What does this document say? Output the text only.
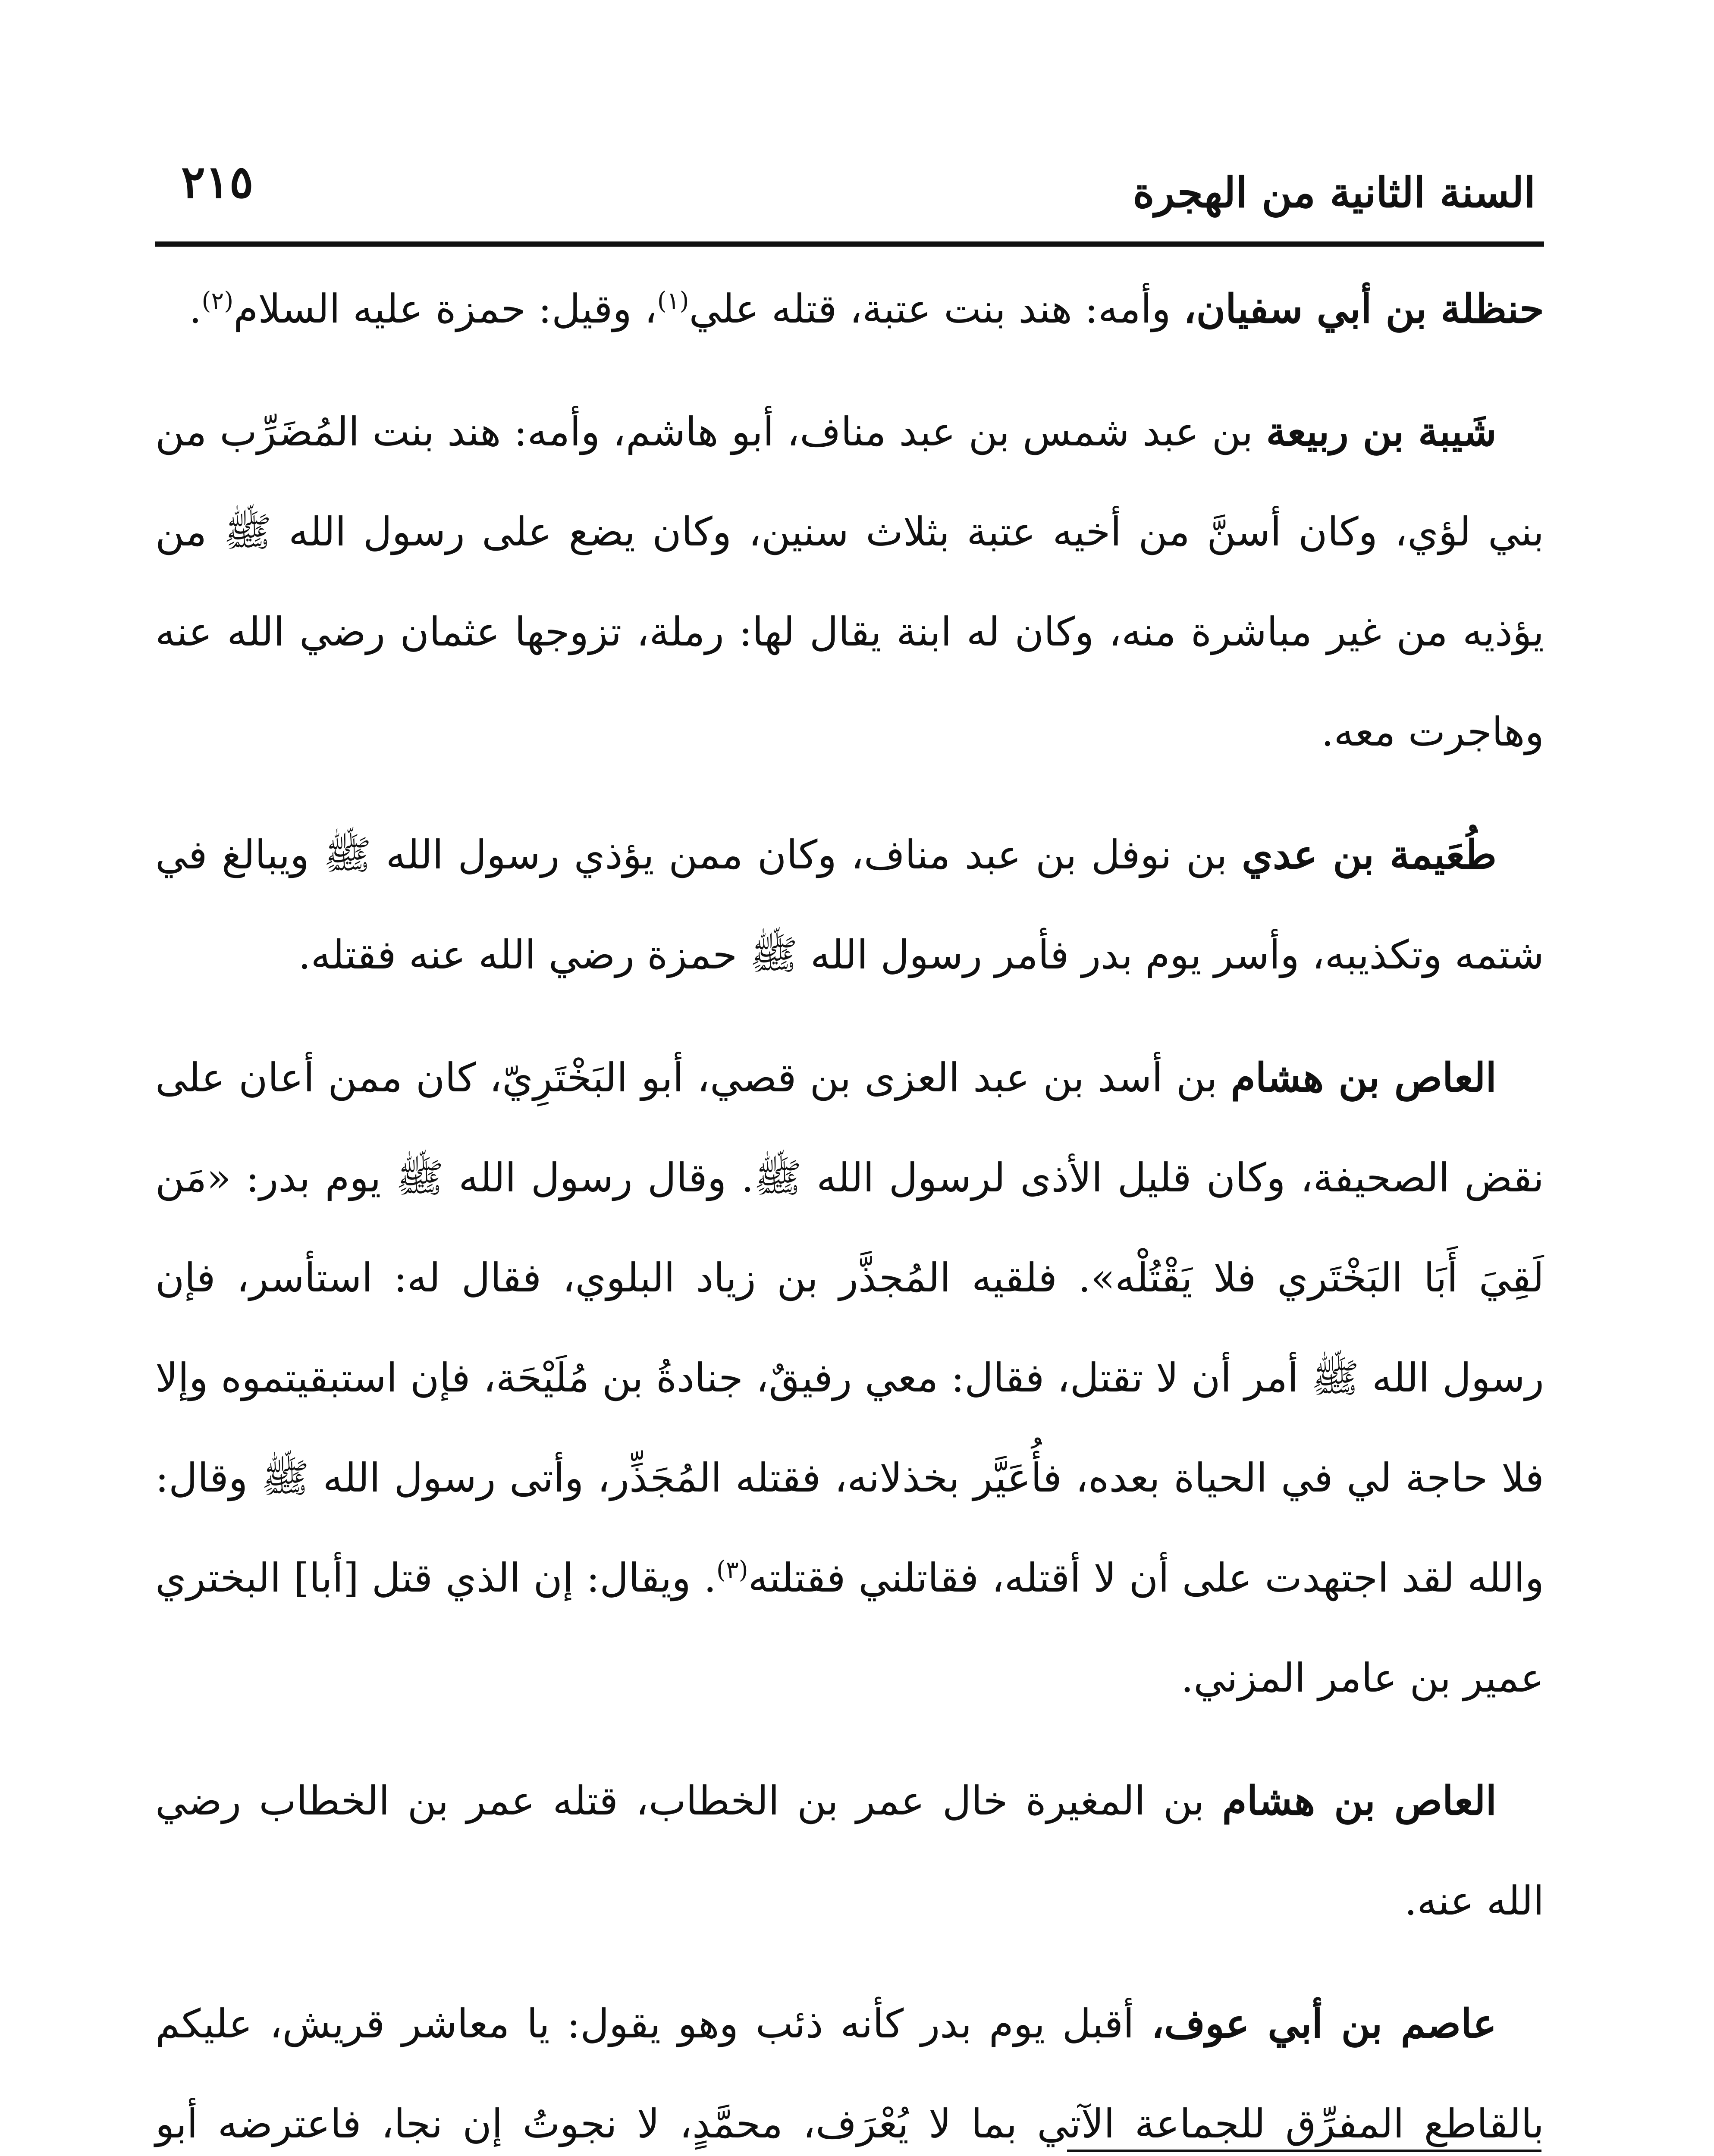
٢١٥	السنة الثانية من الهجرة

حنظلة بن أبي سفيان، وأمه: هند بنت عتبة، قتله علي$^{(١)}$، وقيل: حمزة عليه السلام$^{(٢)}$.

شَيبة بن ربيعة بن عبد شمس بن عبد مناف، أبو هاشم، وأمه: هند بنت المُضَرِّب من بني لؤي، وكان أسنَّ من أخيه عتبة بثلاث سنين، وكان يضع على رسول الله ﷺ من يؤذيه من غير مباشرة منه، وكان له ابنة يقال لها: رملة، تزوجها عثمان رضي الله عنه وهاجرت معه.

طُعَيمة بن عدي بن نوفل بن عبد مناف، وكان ممن يؤذي رسول الله ﷺ ويبالغ في شتمه وتكذيبه، وأسر يوم بدر فأمر رسول الله ﷺ حمزة رضي الله عنه فقتله.

العاص بن هشام بن أسد بن عبد العزى بن قصي، أبو البَخْتَرِيّ، كان ممن أعان على نقض الصحيفة، وكان قليل الأذى لرسول الله ﷺ. وقال رسول الله ﷺ يوم بدر: «مَن لَقِيَ أَبَا البَخْتَري فلا يَقْتُلْه». فلقيه المُجذَّر بن زياد البلوي، فقال له: استأسر، فإن رسول الله ﷺ أمر أن لا تقتل، فقال: معي رفيقٌ، جنادةُ بن مُلَيْحَة، فإن استبقيتموه وإلا فلا حاجة لي في الحياة بعده، فأُعَيَّر بخذلانه، فقتله المُجَذِّر، وأتى رسول الله ﷺ وقال: والله لقد اجتهدت على أن لا أقتله، فقاتلني فقتلته$^{(٣)}$. ويقال: إن الذي قتل [أبا] البختري عمير بن عامر المزني.

العاص بن هشام بن المغيرة خال عمر بن الخطاب، قتله عمر بن الخطاب رضي الله عنه.

عاصم بن أبي عوف، أقبل يوم بدر كأنه ذئب وهو يقول: يا معاشر قريش، عليكم بالقاطع المفرِّق للجماعة الآتي بما لا يُعْرَف، محمَّدٍ، لا نجوتُ إن نجا، فاعترضه أبو
